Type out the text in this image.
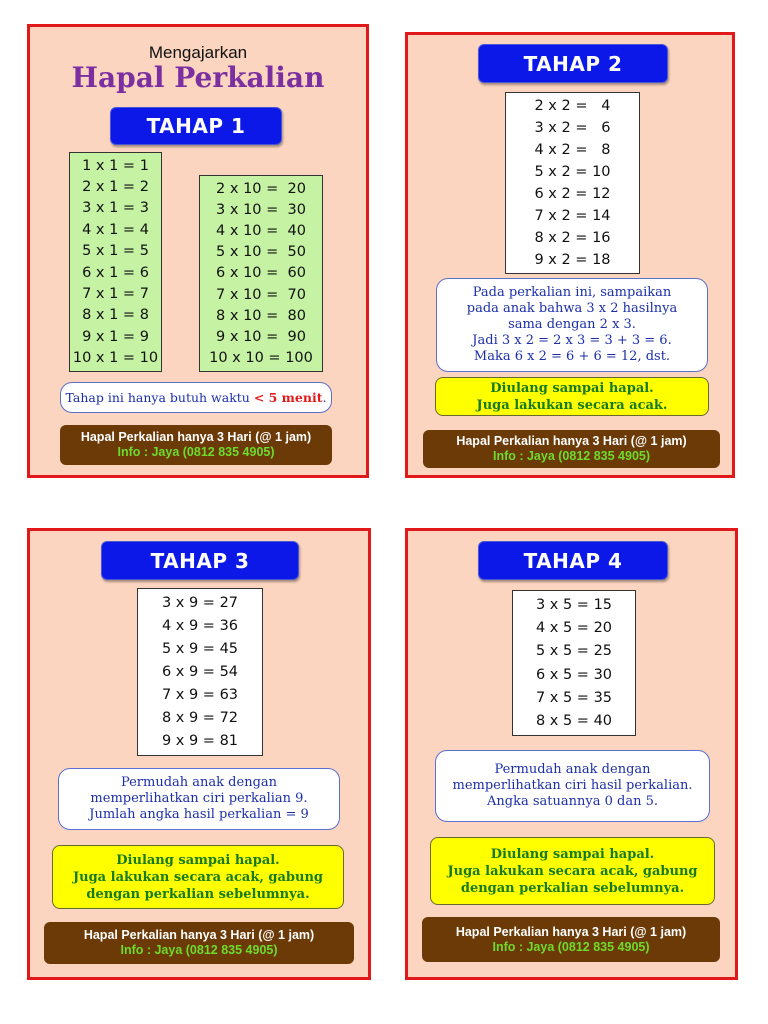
Mengajarkan
Hapal Perkalian
TAHAP 1
1 x 1 = 1
2 x 1 = 2
3 x 1 = 3
4 x 1 = 4
5 x 1 = 5
6 x 1 = 6
7 x 1 = 7
8 x 1 = 8
9 x 1 = 9
10 x 1 = 10
2 x 10 =  20
3 x 10 =  30
4 x 10 =  40
5 x 10 =  50
6 x 10 =  60
7 x 10 =  70
8 x 10 =  80
9 x 10 =  90
10 x 10 = 100
Tahap ini hanya butuh waktu < 5 menit .
Hapal Perkalian hanya 3 Hari (@ 1 jam)
Info : Jaya (0812 835 4905)
TAHAP 2
2 x 2 =   4
3 x 2 =   6
4 x 2 =   8
5 x 2 = 10
6 x 2 = 12
7 x 2 = 14
8 x 2 = 16
9 x 2 = 18
Pada perkalian ini, sampaikan
pada anak bahwa 3 x 2 hasilnya
sama dengan 2 x 3.
Jadi 3 x 2 = 2 x 3 = 3 + 3 = 6.
Maka 6 x 2 = 6 + 6 = 12, dst.
Diulang sampai hapal.
Juga lakukan secara acak.
Hapal Perkalian hanya 3 Hari (@ 1 jam)
Info : Jaya (0812 835 4905)
TAHAP 3
3 x 9 = 27
4 x 9 = 36
5 x 9 = 45
6 x 9 = 54
7 x 9 = 63
8 x 9 = 72
9 x 9 = 81
Permudah anak dengan
memperlihatkan ciri perkalian 9.
Jumlah angka hasil perkalian = 9
Diulang sampai hapal.
Juga lakukan secara acak, gabung
dengan perkalian sebelumnya.
Hapal Perkalian hanya 3 Hari (@ 1 jam)
Info : Jaya (0812 835 4905)
TAHAP 4
3 x 5 = 15
4 x 5 = 20
5 x 5 = 25
6 x 5 = 30
7 x 5 = 35
8 x 5 = 40
Permudah anak dengan
memperlihatkan ciri hasil perkalian.
Angka satuannya 0 dan 5.
Diulang sampai hapal.
Juga lakukan secara acak, gabung
dengan perkalian sebelumnya.
Hapal Perkalian hanya 3 Hari (@ 1 jam)
Info : Jaya (0812 835 4905)
